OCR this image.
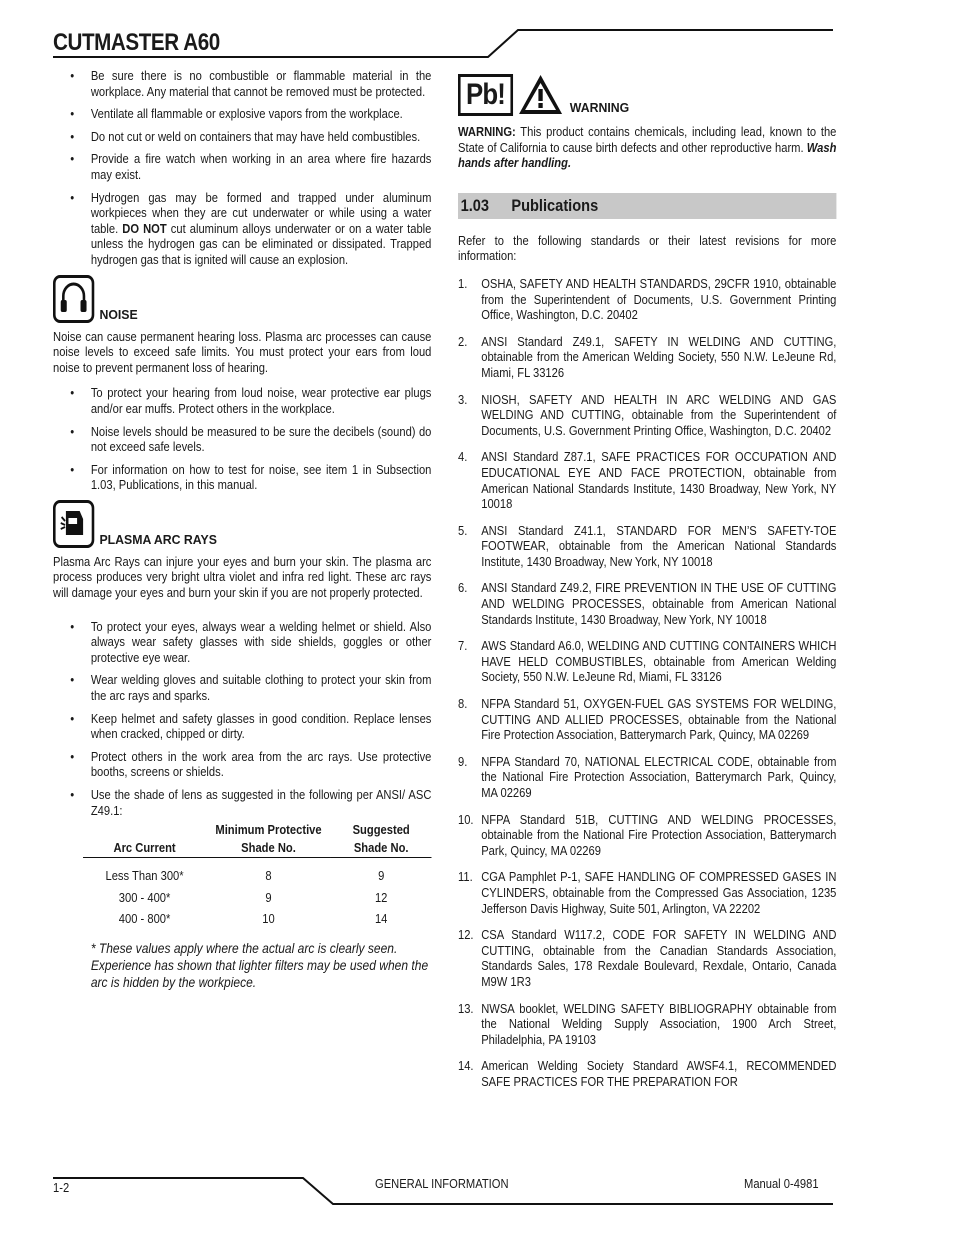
CUTMASTER A60
• Be sure there is no combustible or flammable material in the workplace. Any material that cannot be removed must be protected.
• Ventilate all flammable or explosive vapors from the workplace.
• Do not cut or weld on containers that may have held combustibles.
• Provide a fire watch when working in an area where fire hazards may exist.
• Hydrogen gas may be formed and trapped under aluminum workpieces when they are cut underwater or while using a water table. DO NOT cut aluminum alloys underwater or on a water table unless the hydrogen gas can be eliminated or dissipated. Trapped hydrogen gas that is ignited will cause an explosion.
NOISE

Noise can cause permanent hearing loss. Plasma arc processes can cause noise levels to exceed safe limits. You must protect your ears from loud noise to prevent permanent loss of hearing.

• To protect your hearing from loud noise, wear protective ear plugs and/or ear muffs. Protect others in the workplace.
• Noise levels should be measured to be sure the decibels (sound) do not exceed safe levels.
• For information on how to test for noise, see item 1 in Subsection 1.03, Publications, in this manual.
PLASMA ARC RAYS

Plasma Arc Rays can injure your eyes and burn your skin. The plasma arc process produces very bright ultra violet and infra red light. These arc rays will damage your eyes and burn your skin if you are not properly protected.

• To protect your eyes, always wear a welding helmet or shield. Also always wear safety glasses with side shields, goggles or other protective eye wear.
• Wear welding gloves and suitable clothing to protect your skin from the arc rays and sparks.
• Keep helmet and safety glasses in good condition. Replace lenses when cracked, chipped or dirty.
• Protect others in the work area from the arc rays. Use protective booths, screens or shields.
• Use the shade of lens as suggested in the following per ANSI/ ASC Z49.1:
	Minimum Protective	Suggested
Arc Current	Shade No.	Shade No.
Less Than 300*	8	9
300 - 400*	9	12
400 - 800*	10	14
* These values apply where the actual arc is clearly seen. Experience has shown that lighter filters may be used when the arc is hidden by the workpiece.
Pb!	WARNING

WARNING: This product contains chemicals, including lead, known to the State of California to cause birth defects and other reproductive harm. Wash hands after handling.

1.03	Publications

Refer to the following standards or their latest revisions for more information:

1. OSHA, SAFETY AND HEALTH STANDARDS, 29CFR 1910, obtainable from the Superintendent of Documents, U.S. Government Printing Office, Washington, D.C. 20402
2. ANSI Standard Z49.1, SAFETY IN WELDING AND CUTTING, obtainable from the American Welding Society, 550 N.W. LeJeune Rd, Miami, FL 33126
3. NIOSH, SAFETY AND HEALTH IN ARC WELDING AND GAS WELDING AND CUTTING, obtainable from the Superintendent of Documents, U.S. Government Printing Office, Washington, D.C. 20402
4. ANSI Standard Z87.1, SAFE PRACTICES FOR OCCUPATION AND EDUCATIONAL EYE AND FACE PROTECTION, obtainable from American National Standards Institute, 1430 Broadway, New York, NY 10018
5. ANSI Standard Z41.1, STANDARD FOR MEN’S SAFETY-TOE FOOTWEAR, obtainable from the American National Standards Institute, 1430 Broadway, New York, NY 10018
6. ANSI Standard Z49.2, FIRE PREVENTION IN THE USE OF CUTTING AND WELDING PROCESSES, obtainable from American National Standards Institute, 1430 Broadway, New York, NY 10018
7. AWS Standard A6.0, WELDING AND CUTTING CONTAINERS WHICH HAVE HELD COMBUSTIBLES, obtainable from American Welding Society, 550 N.W. LeJeune Rd, Miami, FL 33126
8. NFPA Standard 51, OXYGEN-FUEL GAS SYSTEMS FOR WELDING, CUTTING AND ALLIED PROCESSES, obtainable from the National Fire Protection Association, Batterymarch Park, Quincy, MA 02269
9. NFPA Standard 70, NATIONAL ELECTRICAL CODE, obtainable from the National Fire Protection Association, Batterymarch Park, Quincy, MA 02269
10. NFPA Standard 51B, CUTTING AND WELDING PROCESSES, obtainable from the National Fire Protection Association, Batterymarch Park, Quincy, MA 02269
11. CGA Pamphlet P-1, SAFE HANDLING OF COMPRESSED GASES IN CYLINDERS, obtainable from the Compressed Gas Association, 1235 Jefferson Davis Highway, Suite 501, Arlington, VA 22202
12. CSA Standard W117.2, CODE FOR SAFETY IN WELDING AND CUTTING, obtainable from the Canadian Standards Association, Standards Sales, 178 Rexdale Boulevard, Rexdale, Ontario, Canada M9W 1R3
13. NWSA booklet, WELDING SAFETY BIBLIOGRAPHY obtainable from the National Welding Supply Association, 1900 Arch Street, Philadelphia, PA 19103
14. American Welding Society Standard AWSF4.1, RECOMMENDED SAFE PRACTICES FOR THE PREPARATION FOR
1-2	GENERAL INFORMATION	Manual 0-4981
